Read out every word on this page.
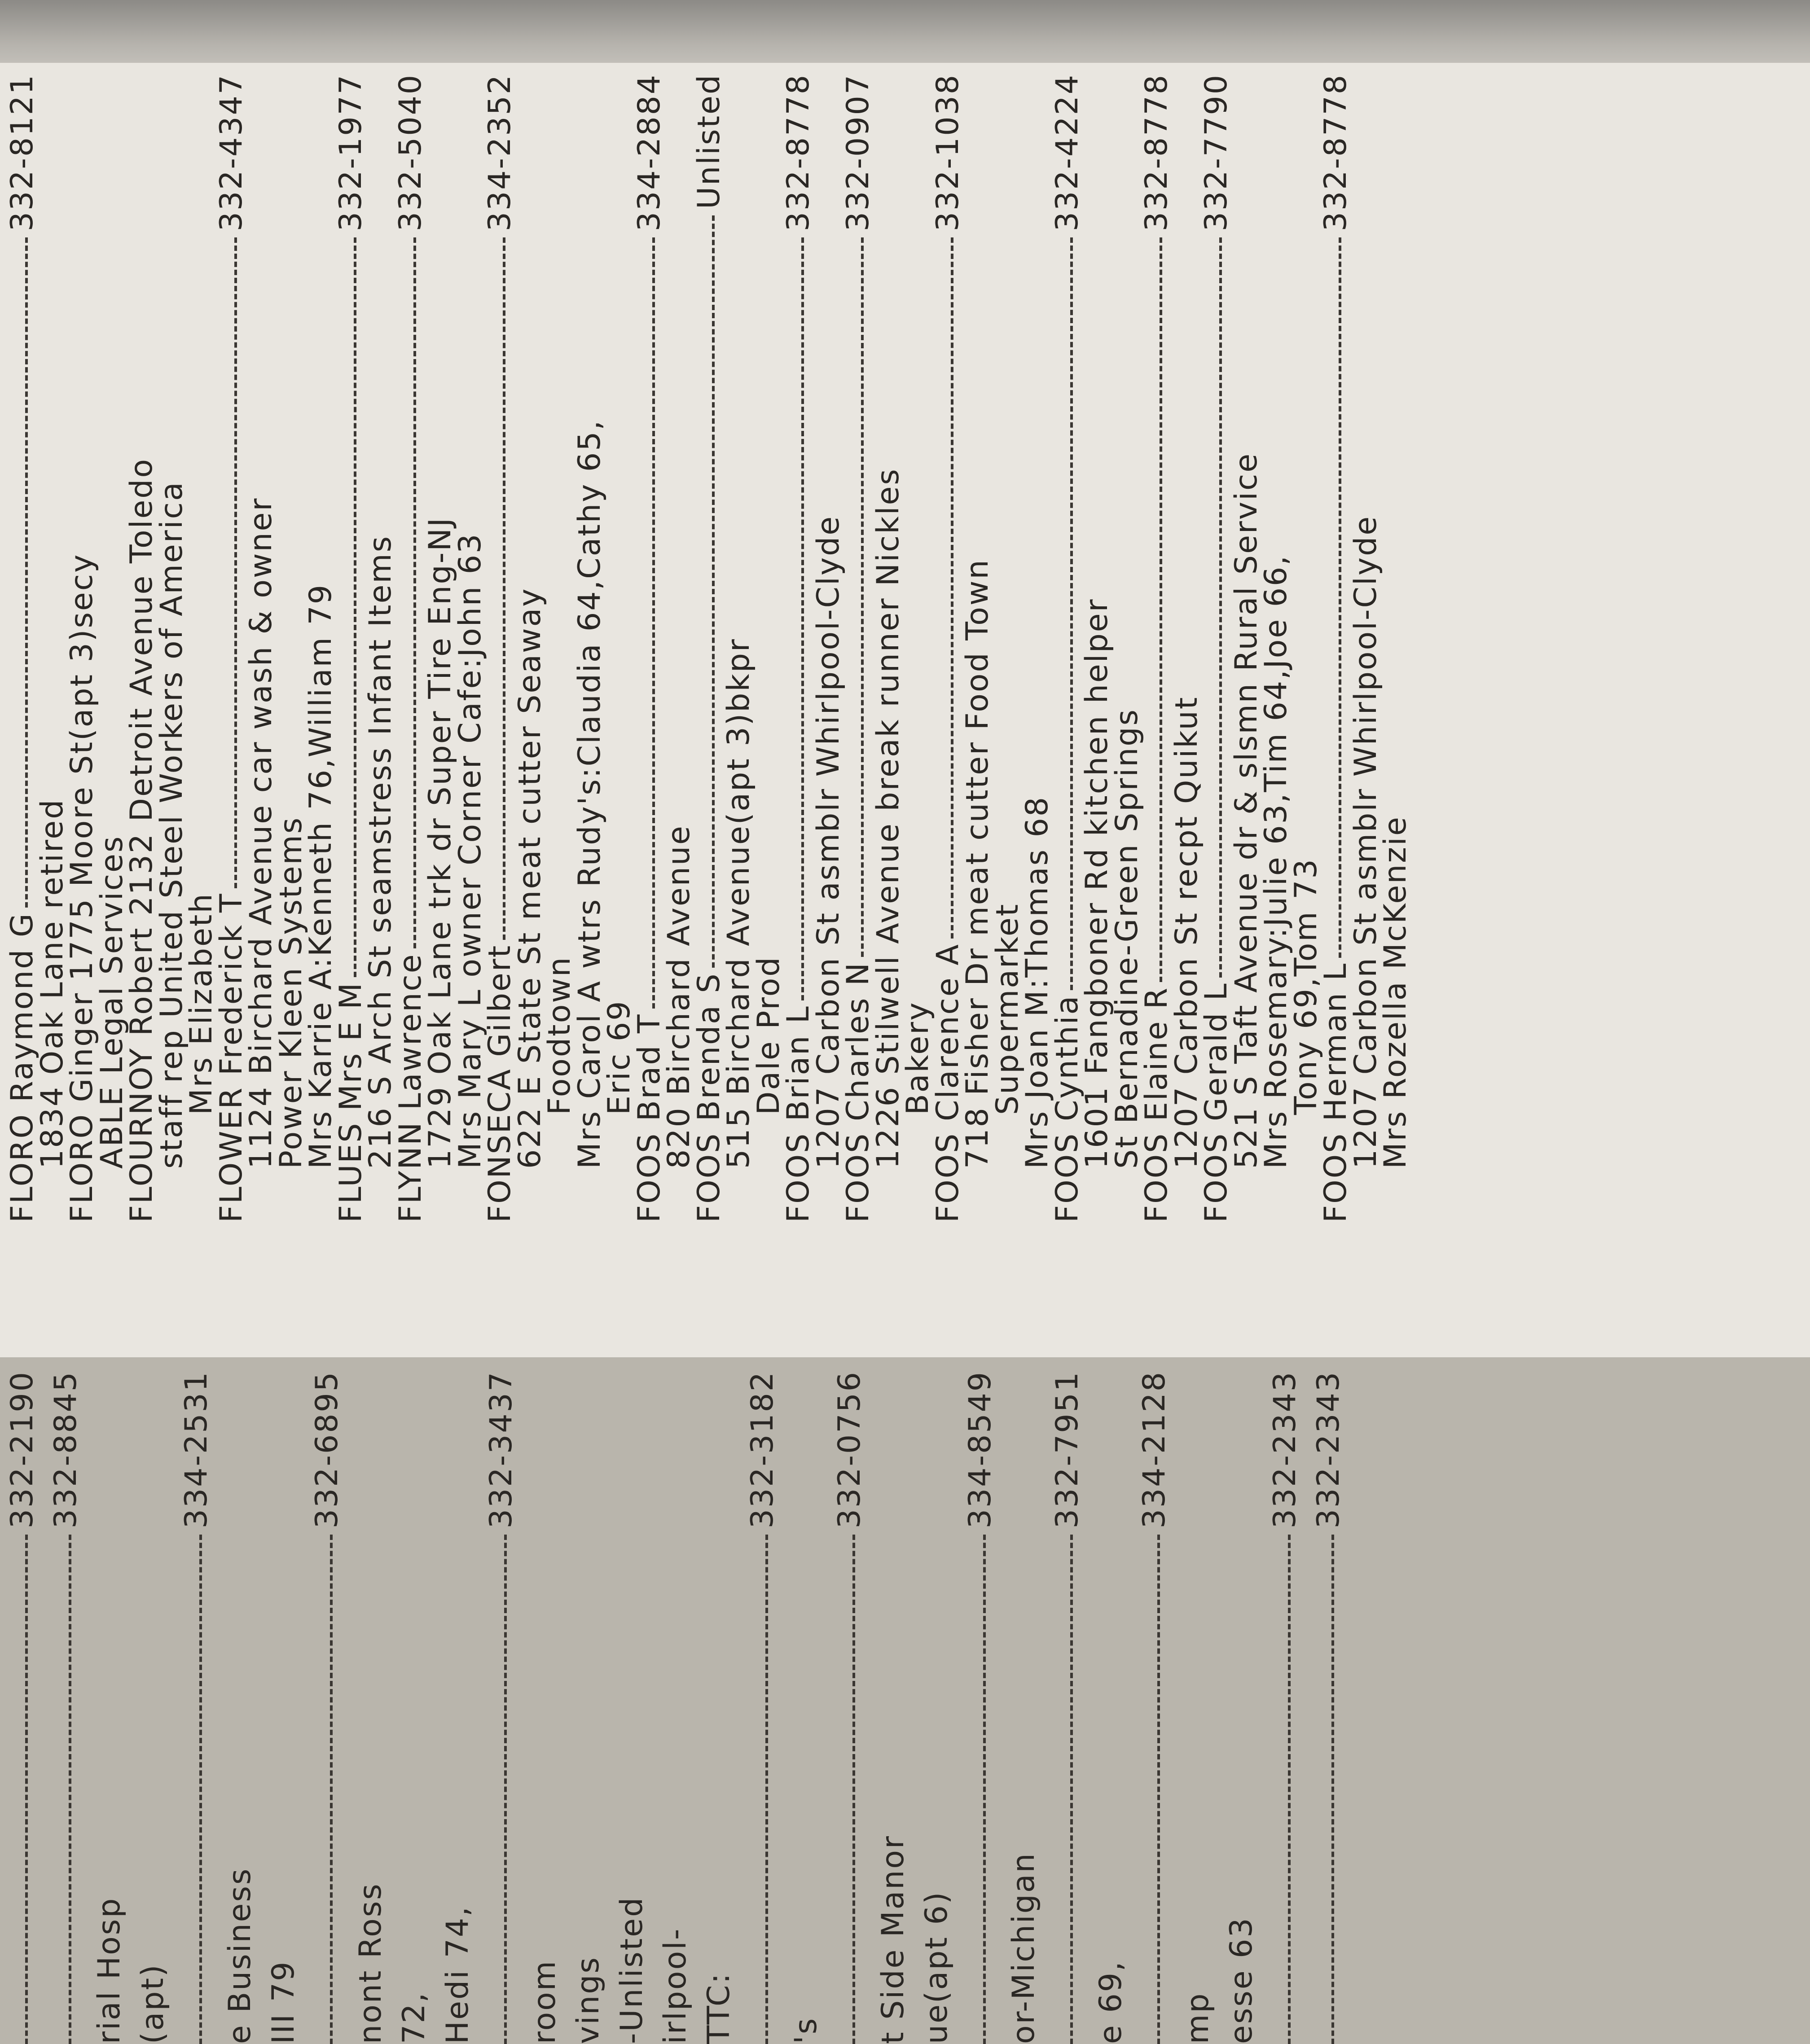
332-2190 332-8845
rial Hosp (apt)
334-2531
e Business III 79
332-6895
nont Ross 72, Hedi 74,
332-3437
room vings -Unlisted irlpool- TTC:
332-3182
's
332-0756
t Side Manor ue(apt 6)
334-8549
or-Michigan
332-7951
e 69,
334-2128
mp esse 63
332-2343 332-2343
FLORO Raymond G
332-8121
1834 Oak Lane retired
FLORO Ginger 1775 Moore St(apt 3)secy
ABLE Legal Services
FLOURNOY Robert 2132 Detroit Avenue Toledo
staff rep United Steel Workers of America
Mrs Elizabeth
FLOWER Frederick T
332-4347
1124 Birchard Avenue car wash & owner
Power Kleen Systems
Mrs Karrie A:Kenneth 76,William 79
FLUES Mrs E M
332-1977
216 S Arch St seamstress Infant Items
FLYNN Lawrence
332-5040
1729 Oak Lane trk dr Super Tire Eng-NJ
Mrs Mary L owner Corner Cafe:John 63
FONSECA Gilbert
334-2352
622 E State St meat cutter Seaway
Foodtown
Mrs Carol A wtrs Rudy's:Claudia 64,Cathy 65,
Eric 69
FOOS Brad T
334-2884
820 Birchard Avenue
FOOS Brenda S
Unlisted
515 Birchard Avenue(apt 3)bkpr
Dale Prod
FOOS Brian L
332-8778
1207 Carbon St asmblr Whirlpool-Clyde
FOOS Charles N
332-0907
1226 Stilwell Avenue break runner Nickles
Bakery
FOOS Clarence A
332-1038
718 Fisher Dr meat cutter Food Town
Supermarket
Mrs Joan M:Thomas 68
FOOS Cynthia
332-4224
1601 Fangboner Rd kitchen helper
St Bernadine-Green Springs
FOOS Elaine R
332-8778
1207 Carbon St recpt Quikut
FOOS Gerald L
332-7790
521 S Taft Avenue dr & slsmn Rural Service
Mrs Rosemary:Julie 63,Tim 64,Joe 66,
Tony 69,Tom 73
FOOS Herman L
332-8778
1207 Carbon St asmblr Whirlpool-Clyde
Mrs Rozella McKenzie
